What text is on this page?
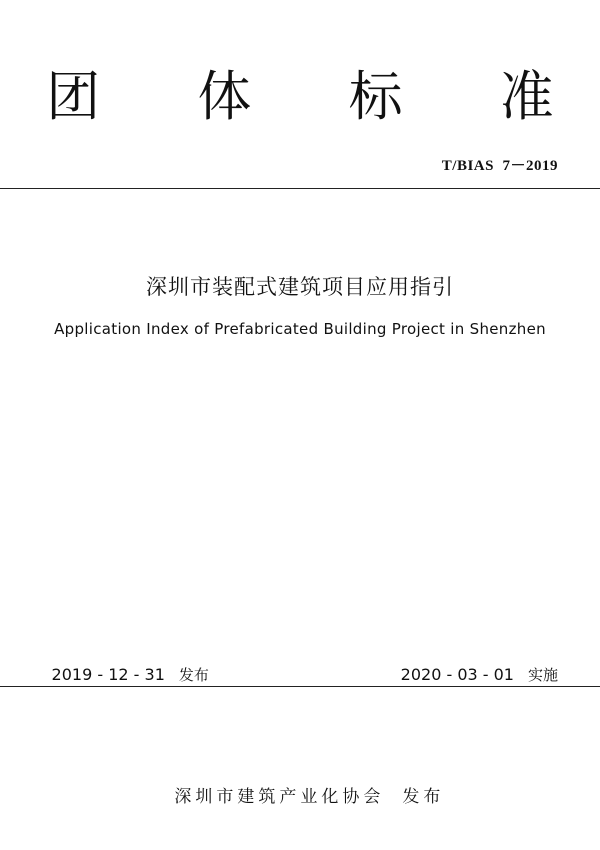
团 体 标 准
T/BIAS  7－2019
深圳市装配式建筑项目应用指引
Application Index of Prefabricated Building Project in Shenzhen

2019 - 12 - 31 发布	2020 - 03 - 01 实施

深圳市建筑产业化协会 发布
